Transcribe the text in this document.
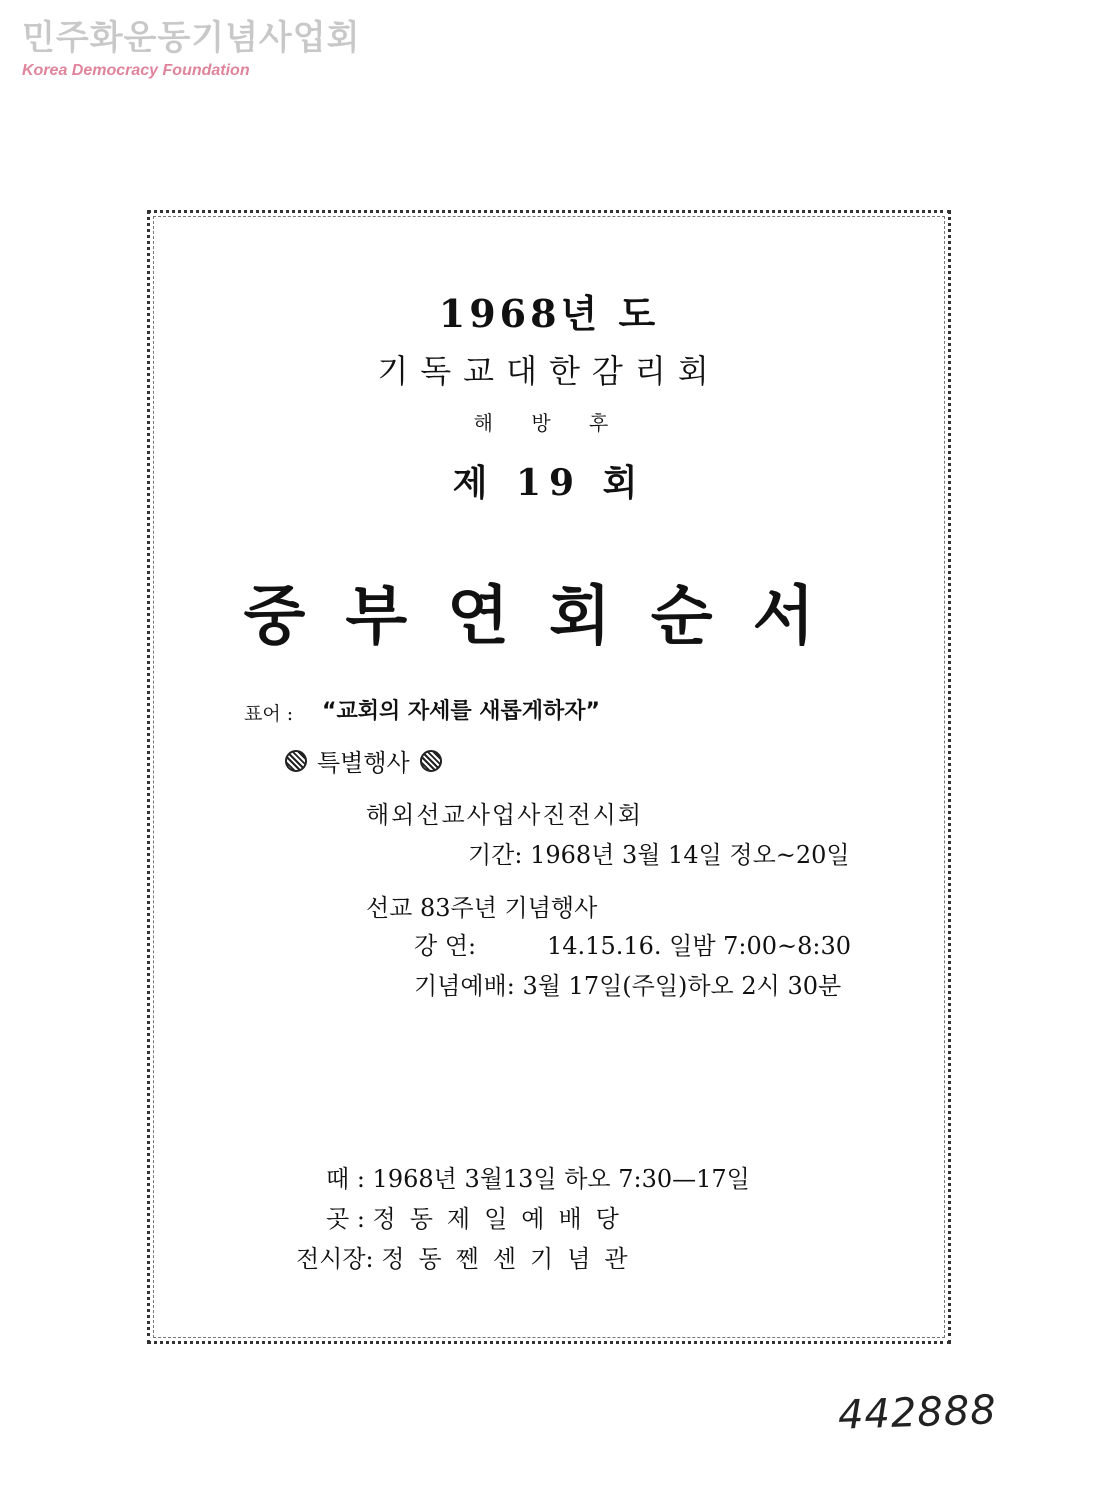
민주화운동기념사업회
Korea Democracy Foundation
1968년 도
기독교대한감리회
해 방 후
제 19 회
중부연회순서
표어 : “교회의 자세를 새롭게하자”
특별행사
해외선교사업사진전시회
기간: 1968년 3월 14일 정오~20일
선교 83주년 기념행사
강 연:	14.15.16. 일밤 7:00~8:30
기념예배: 3월 17일(주일)하오 2시 30분
때 : 1968년 3월13일 하오 7:30—17일
곳 : 정동제일예배당
전시장: 정동쩬센기념관
442888
